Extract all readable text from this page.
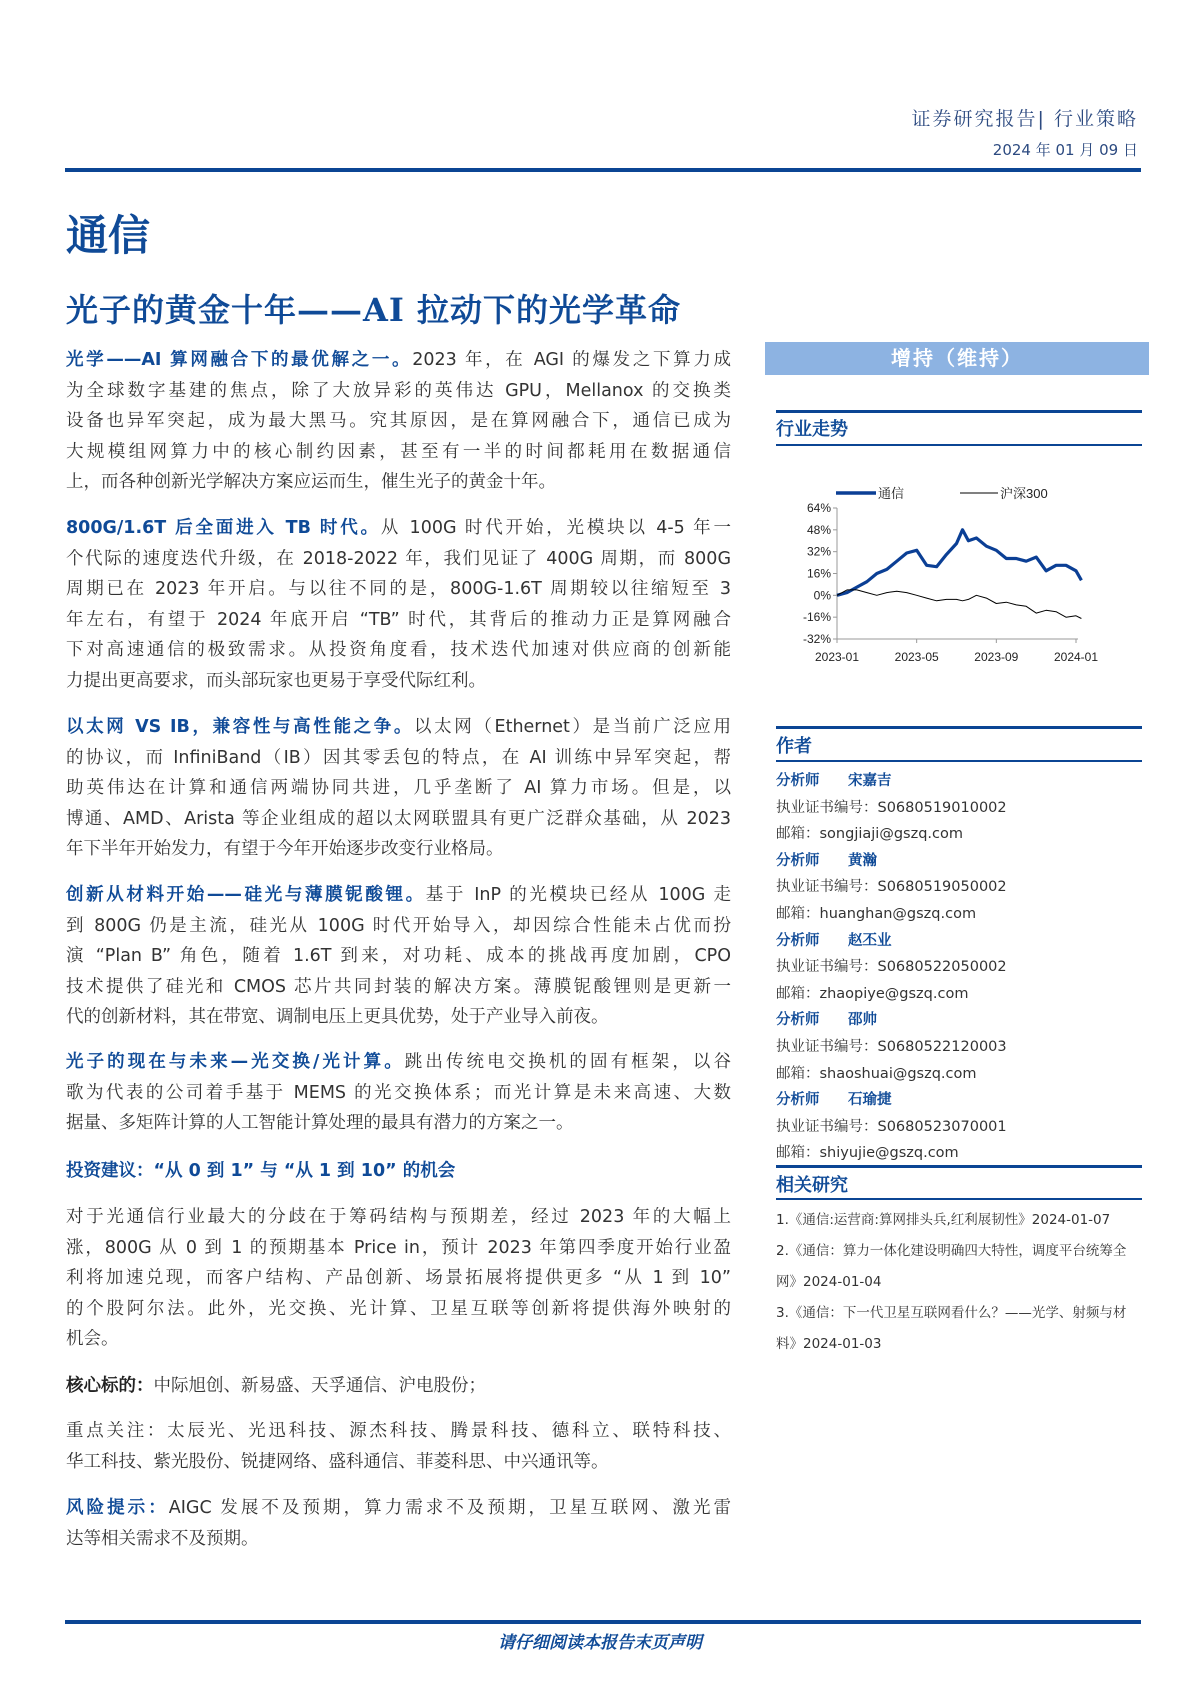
证券研究报告| 行业策略
2024 年 01 月 09 日
通信
光子的黄金十年——AI 拉动下的光学革命
光学——AI 算网融合下的最优解之一。2023 年，在 AGI 的爆发之下算力成
为全球数字基建的焦点，除了大放异彩的英伟达 GPU，Mellanox 的交换类
设备也异军突起，成为最大黑马。究其原因，是在算网融合下，通信已成为
大规模组网算力中的核心制约因素，甚至有一半的时间都耗用在数据通信
上，而各种创新光学解决方案应运而生，催生光子的黄金十年。
800G/1.6T 后全面进入 TB 时代。从 100G 时代开始，光模块以 4-5 年一
个代际的速度迭代升级，在 2018-2022 年，我们见证了 400G 周期，而 800G
周期已在 2023 年开启。与以往不同的是，800G-1.6T 周期较以往缩短至 3
年左右，有望于 2024 年底开启 “TB” 时代，其背后的推动力正是算网融合
下对高速通信的极致需求。从投资角度看，技术迭代加速对供应商的创新能
力提出更高要求，而头部玩家也更易于享受代际红利。
以太网 VS IB，兼容性与高性能之争。以太网（Ethernet）是当前广泛应用
的协议，而 InfiniBand（IB）因其零丢包的特点，在 AI 训练中异军突起，帮
助英伟达在计算和通信两端协同共进，几乎垄断了 AI 算力市场。但是，以
博通、AMD、Arista 等企业组成的超以太网联盟具有更广泛群众基础，从 2023
年下半年开始发力，有望于今年开始逐步改变行业格局。
创新从材料开始——硅光与薄膜铌酸锂。基于 InP 的光模块已经从 100G 走
到 800G 仍是主流，硅光从 100G 时代开始导入，却因综合性能未占优而扮
演 “Plan B” 角色，随着 1.6T 到来，对功耗、成本的挑战再度加剧，CPO
技术提供了硅光和 CMOS 芯片共同封装的解决方案。薄膜铌酸锂则是更新一
代的创新材料，其在带宽、调制电压上更具优势，处于产业导入前夜。
光子的现在与未来—光交换/光计算。跳出传统电交换机的固有框架，以谷
歌为代表的公司着手基于 MEMS 的光交换体系；而光计算是未来高速、大数
据量、多矩阵计算的人工智能计算处理的最具有潜力的方案之一。
对于光通信行业最大的分歧在于筹码结构与预期差，经过 2023 年的大幅上
涨，800G 从 0 到 1 的预期基本 Price in，预计 2023 年第四季度开始行业盈
利将加速兑现，而客户结构、产品创新、场景拓展将提供更多 “从 1 到 10”
的个股阿尔法。此外，光交换、光计算、卫星互联等创新将提供海外映射的
机会。
核心标的：中际旭创、新易盛、天孚通信、沪电股份；
重点关注：太辰光、光迅科技、源杰科技、腾景科技、德科立、联特科技、
华工科技、紫光股份、锐捷网络、盛科通信、菲菱科思、中兴通讯等。
风险提示：AIGC 发展不及预期，算力需求不及预期，卫星互联网、激光雷
达等相关需求不及预期。
投资建议：“从 0 到 1” 与 “从 1 到 10” 的机会
增持（维持）
行业走势
64%
48%
32%
16%
0%
-16%
-32%
2023-01	2023-05	2023-09	2024-01
通信	沪深300
作者
分析师 宋嘉吉
执业证书编号：S0680519010002
邮箱：songjiaji@gszq.com
分析师 黄瀚
执业证书编号：S0680519050002
邮箱：huanghan@gszq.com
分析师 赵丕业
执业证书编号：S0680522050002
邮箱：zhaopiye@gszq.com
分析师 邵帅
执业证书编号：S0680522120003
邮箱：shaoshuai@gszq.com
分析师 石瑜捷
执业证书编号：S0680523070001
邮箱：shiyujie@gszq.com
相关研究
1.《通信:运营商:算网排头兵,红利展韧性》2024-01-07
2.《通信：算力一体化建设明确四大特性，调度平台统筹全网》2024-01-04
3.《通信：下一代卫星互联网看什么？——光学、射频与材料》2024-01-03
请仔细阅读本报告末页声明
